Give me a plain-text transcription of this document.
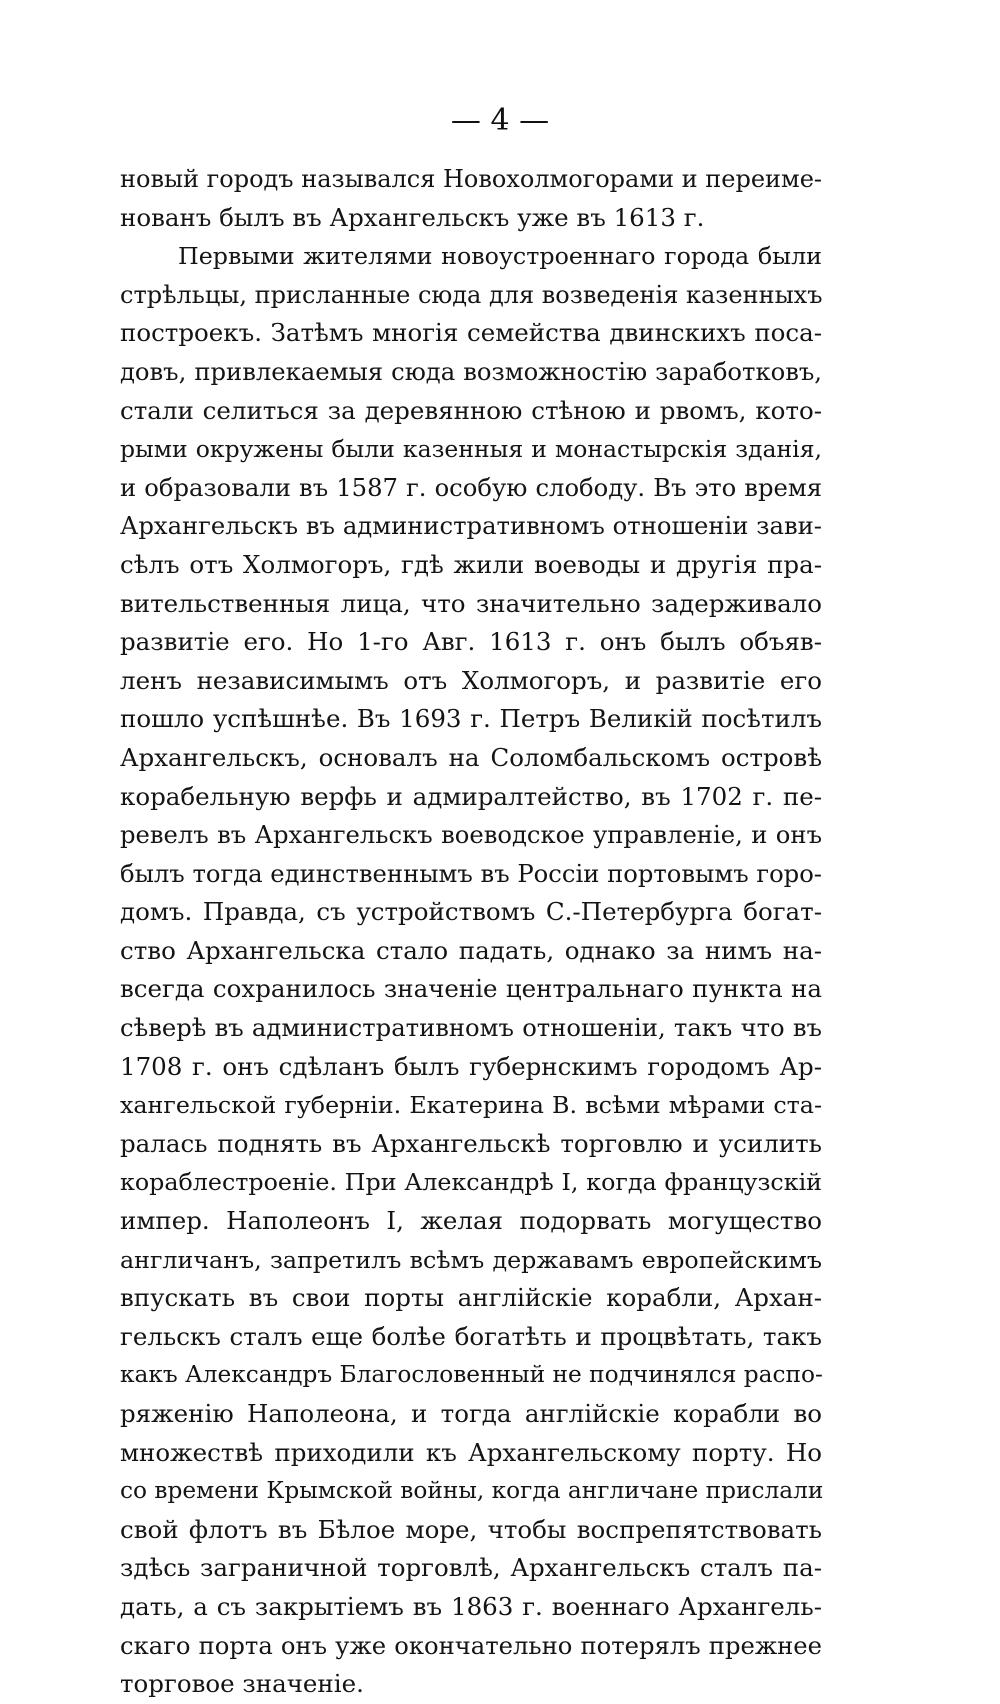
— 4 —
новый городъ назывался Новохолмогорами и переиме-
нованъ былъ въ Архангельскъ уже въ 1613 г.
Первыми жителями новоустроеннаго города были
стрѣльцы, присланные сюда для возведенія казенныхъ
построекъ. Затѣмъ многія семейства двинскихъ поса-
довъ, привлекаемыя сюда возможностію заработковъ,
стали селиться за деревянною стѣною и рвомъ, кото-
рыми окружены были казенныя и монастырскія зданія,
и образовали въ 1587 г. особую слободу. Въ это время
Архангельскъ въ административномъ отношеніи зави-
сѣлъ отъ Холмогоръ, гдѣ жили воеводы и другія пра-
вительственныя лица, что значительно задерживало
развитіе его. Но 1-го Авг. 1613 г. онъ былъ объяв-
ленъ независимымъ отъ Холмогоръ, и развитіе его
пошло успѣшнѣе. Въ 1693 г. Петръ Великій посѣтилъ
Архангельскъ, основалъ на Соломбальскомъ островѣ
корабельную верфь и адмиралтейство, въ 1702 г. пе-
ревелъ въ Архангельскъ воеводское управленіе, и онъ
былъ тогда единственнымъ въ Россіи портовымъ горо-
домъ. Правда, съ устройствомъ С.-Петербурга богат-
ство Архангельска стало падать, однако за нимъ на-
всегда сохранилось значеніе центральнаго пункта на
сѣверѣ въ административномъ отношеніи, такъ что въ
1708 г. онъ сдѣланъ былъ губернскимъ городомъ Ар-
хангельской губерніи. Екатерина В. всѣми мѣрами ста-
ралась поднять въ Архангельскѣ торговлю и усилить
кораблестроеніе. При Александрѣ I, когда французскій
импер. Наполеонъ I, желая подорвать могущество
англичанъ, запретилъ всѣмъ державамъ европейскимъ
впускать въ свои порты англійскіе корабли, Архан-
гельскъ сталъ еще болѣе богатѣть и процвѣтать, такъ
какъ Александръ Благословенный не подчинялся распо-
ряженію Наполеона, и тогда англійскіе корабли во
множествѣ приходили къ Архангельскому порту. Но
со времени Крымской войны, когда англичане прислали
свой флотъ въ Бѣлое море, чтобы воспрепятствовать
здѣсь заграничной торговлѣ, Архангельскъ сталъ па-
дать, а съ закрытіемъ въ 1863 г. военнаго Архангель-
скаго порта онъ уже окончательно потерялъ прежнее
торговое значеніе.
